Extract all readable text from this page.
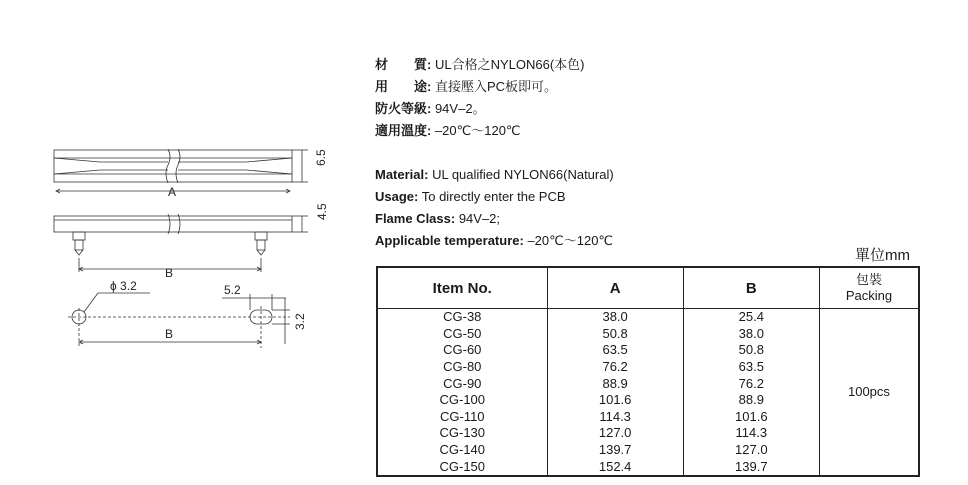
A
6.5
B
4.5
ϕ 3.2	5.2
3.2
B
材　　質: UL合格之NYLON66(本色)
用　　途: 直接壓入PC板即可。
防火等級: 94V–2。
適用溫度: –20℃～120℃
Material: UL qualified NYLON66(Natural)
Usage: To directly enter the PCB
Flame Class: 94V–2;
Applicable temperature: –20℃～120℃
單位mm
Item No.	A	B	包裝
Packing

CG-38	38.0	25.4	100pcs
CG-50	50.8	38.0	
CG-60	63.5	50.8	
CG-80	76.2	63.5	
CG-90	88.9	76.2	
CG-100	101.6	88.9	
CG-110	114.3	101.6	
CG-130	127.0	114.3	
CG-140	139.7	127.0	
CG-150	152.4	139.7	
